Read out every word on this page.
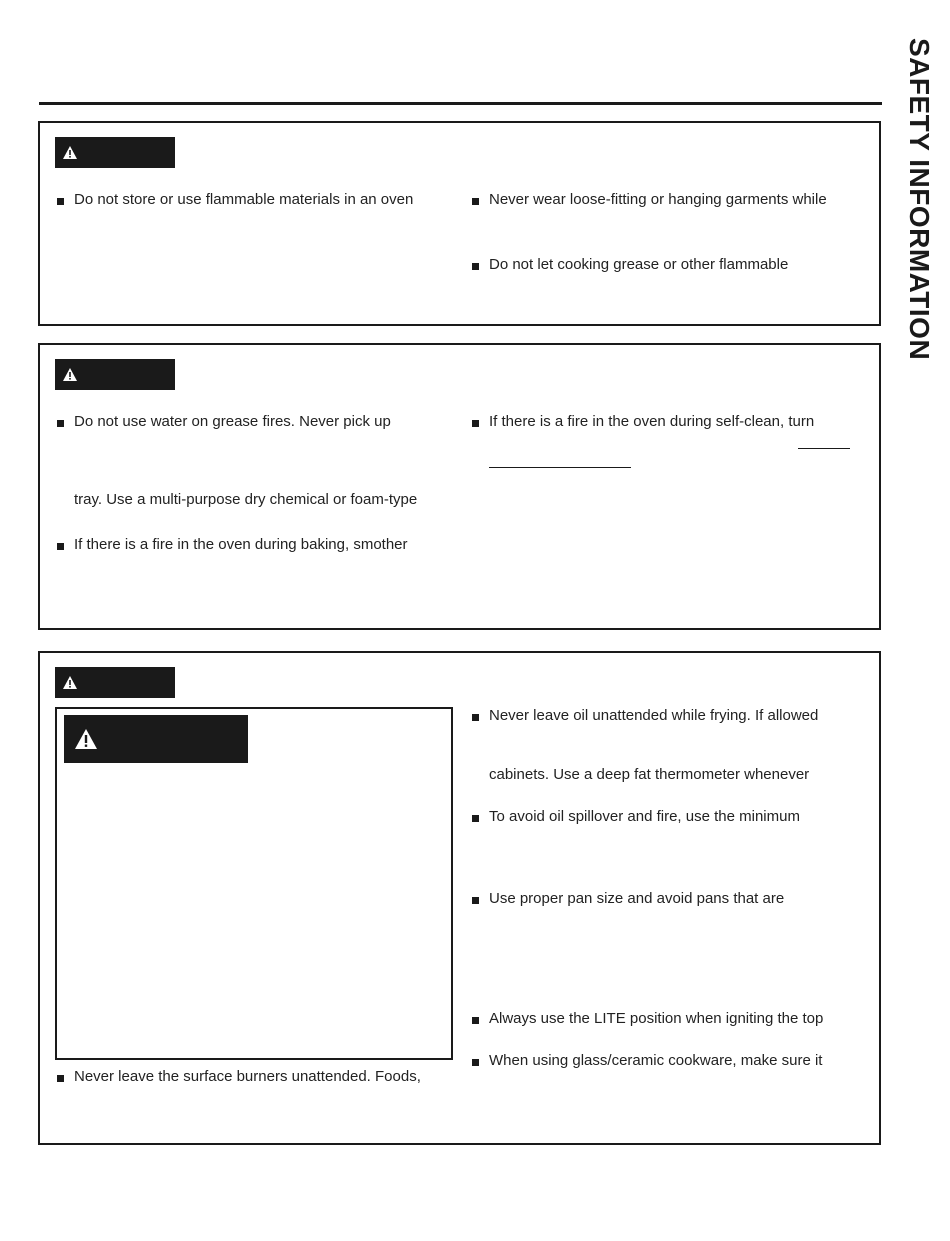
SAFETY INFORMATION
Do not store or use flammable materials in an oven	Never wear loose-fitting or hanging garments while
Do not let cooking grease or other flammable
Do not use water on grease fires. Never pick up
tray. Use a multi-purpose dry chemical or foam-type
If there is a fire in the oven during baking, smother
If there is a fire in the oven during self-clean, turn
Never leave the surface burners unattended. Foods,
Never leave oil unattended while frying. If allowed
cabinets. Use a deep fat thermometer whenever
To avoid oil spillover and fire, use the minimum
Use proper pan size and avoid pans that are
Always use the LITE position when igniting the top
When using glass/ceramic cookware, make sure it
